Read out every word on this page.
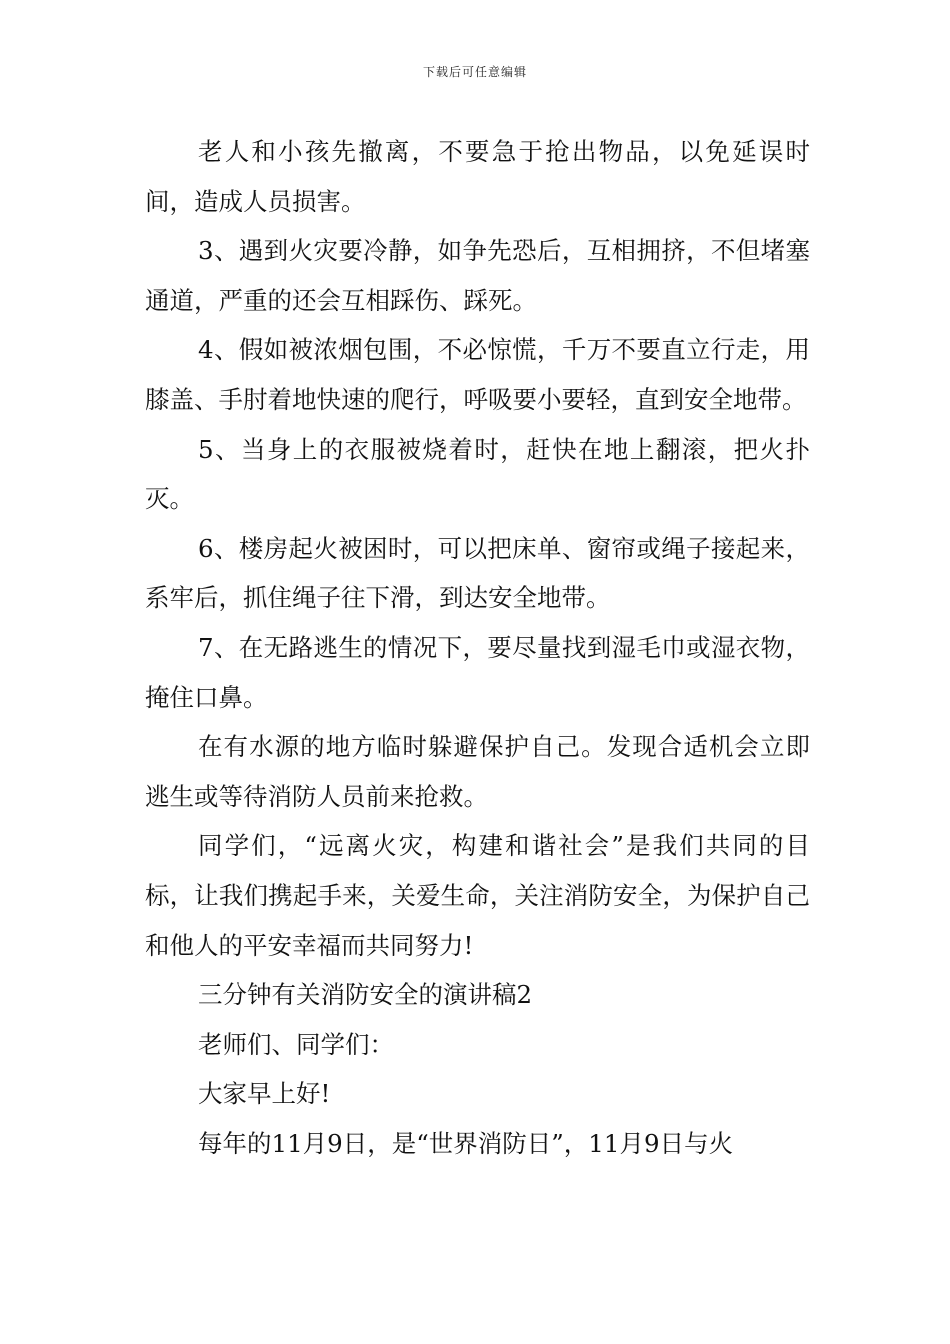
下载后可任意编辑

老人和小孩先撤离，不要急于抢出物品，以免延误时间，造成人员损害。

3、遇到火灾要冷静，如争先恐后，互相拥挤，不但堵塞通道，严重的还会互相踩伤、踩死。

4、假如被浓烟包围，不必惊慌，千万不要直立行走，用膝盖、手肘着地快速的爬行，呼吸要小要轻，直到安全地带。

5、当身上的衣服被烧着时，赶快在地上翻滚，把火扑灭。

6、楼房起火被困时，可以把床单、窗帘或绳子接起来，系牢后，抓住绳子往下滑，到达安全地带。

7、在无路逃生的情况下，要尽量找到湿毛巾或湿衣物，掩住口鼻。

在有水源的地方临时躲避保护自己。发现合适机会立即逃生或等待消防人员前来抢救。

同学们，“远离火灾，构建和谐社会”是我们共同的目标，让我们携起手来，关爱生命，关注消防安全，为保护自己和他人的平安幸福而共同努力!

三分钟有关消防安全的演讲稿2

老师们、同学们：

大家早上好!

每年的11月9日，是“世界消防日”，11月9日与火
